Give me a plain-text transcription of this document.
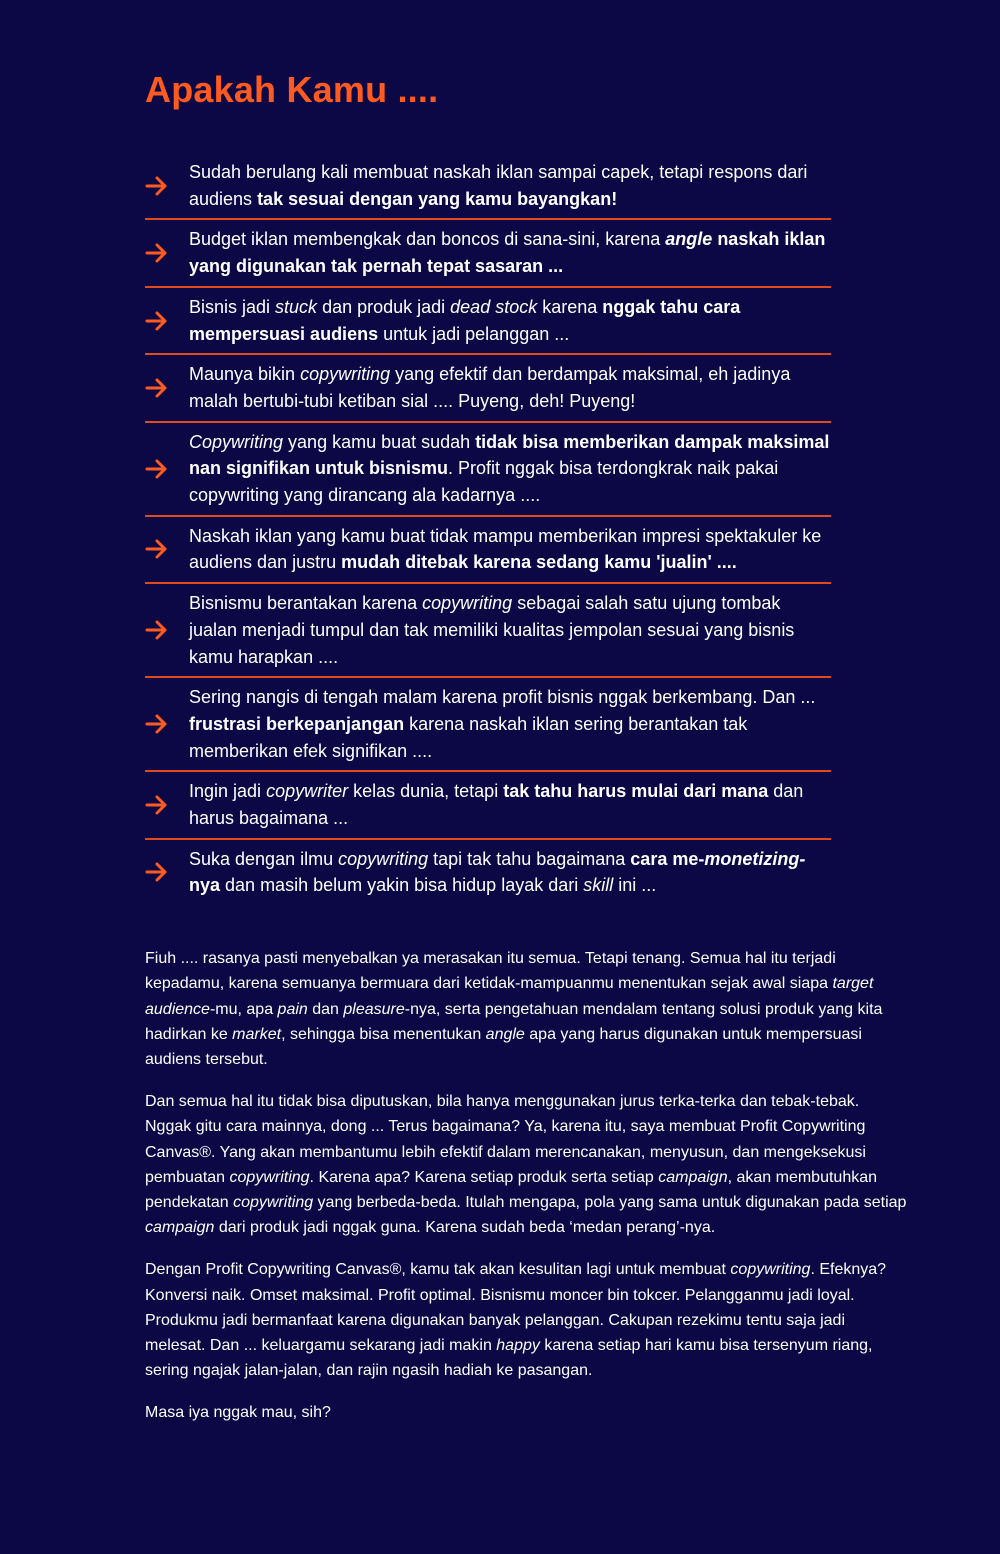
Apakah Kamu ....
Sudah berulang kali membuat naskah iklan sampai capek, tetapi respons dari audiens tak sesuai dengan yang kamu bayangkan!
Budget iklan membengkak dan boncos di sana-sini, karena angle naskah iklan yang digunakan tak pernah tepat sasaran ...
Bisnis jadi stuck dan produk jadi dead stock karena nggak tahu cara mempersuasi audiens untuk jadi pelanggan ...
Maunya bikin copywriting yang efektif dan berdampak maksimal, eh jadinya malah bertubi-tubi ketiban sial .... Puyeng, deh! Puyeng!
Copywriting yang kamu buat sudah tidak bisa memberikan dampak maksimal nan signifikan untuk bisnismu. Profit nggak bisa terdongkrak naik pakai copywriting yang dirancang ala kadarnya ....
Naskah iklan yang kamu buat tidak mampu memberikan impresi spektakuler ke audiens dan justru mudah ditebak karena sedang kamu 'jualin' ....
Bisnismu berantakan karena copywriting sebagai salah satu ujung tombak jualan menjadi tumpul dan tak memiliki kualitas jempolan sesuai yang bisnis kamu harapkan ....
Sering nangis di tengah malam karena profit bisnis nggak berkembang. Dan ... frustrasi berkepanjangan karena naskah iklan sering berantakan tak memberikan efek signifikan ....
Ingin jadi copywriter kelas dunia, tetapi tak tahu harus mulai dari mana dan harus bagaimana ...
Suka dengan ilmu copywriting tapi tak tahu bagaimana cara me-monetizing-nya dan masih belum yakin bisa hidup layak dari skill ini ...

Fiuh .... rasanya pasti menyebalkan ya merasakan itu semua. Tetapi tenang. Semua hal itu terjadi kepadamu, karena semuanya bermuara dari ketidak-mampuanmu menentukan sejak awal siapa target audience-mu, apa pain dan pleasure-nya, serta pengetahuan mendalam tentang solusi produk yang kita hadirkan ke market, sehingga bisa menentukan angle apa yang harus digunakan untuk mempersuasi audiens tersebut.

Dan semua hal itu tidak bisa diputuskan, bila hanya menggunakan jurus terka-terka dan tebak-tebak. Nggak gitu cara mainnya, dong ... Terus bagaimana? Ya, karena itu, saya membuat Profit Copywriting Canvas®. Yang akan membantumu lebih efektif dalam merencanakan, menyusun, dan mengeksekusi pembuatan copywriting. Karena apa? Karena setiap produk serta setiap campaign, akan membutuhkan pendekatan copywriting yang berbeda-beda. Itulah mengapa, pola yang sama untuk digunakan pada setiap campaign dari produk jadi nggak guna. Karena sudah beda ‘medan perang’-nya.

Dengan Profit Copywriting Canvas®, kamu tak akan kesulitan lagi untuk membuat copywriting. Efeknya? Konversi naik. Omset maksimal. Profit optimal. Bisnismu moncer bin tokcer. Pelangganmu jadi loyal. Produkmu jadi bermanfaat karena digunakan banyak pelanggan. Cakupan rezekimu tentu saja jadi melesat. Dan ... keluargamu sekarang jadi makin happy karena setiap hari kamu bisa tersenyum riang, sering ngajak jalan-jalan, dan rajin ngasih hadiah ke pasangan.

Masa iya nggak mau, sih?
